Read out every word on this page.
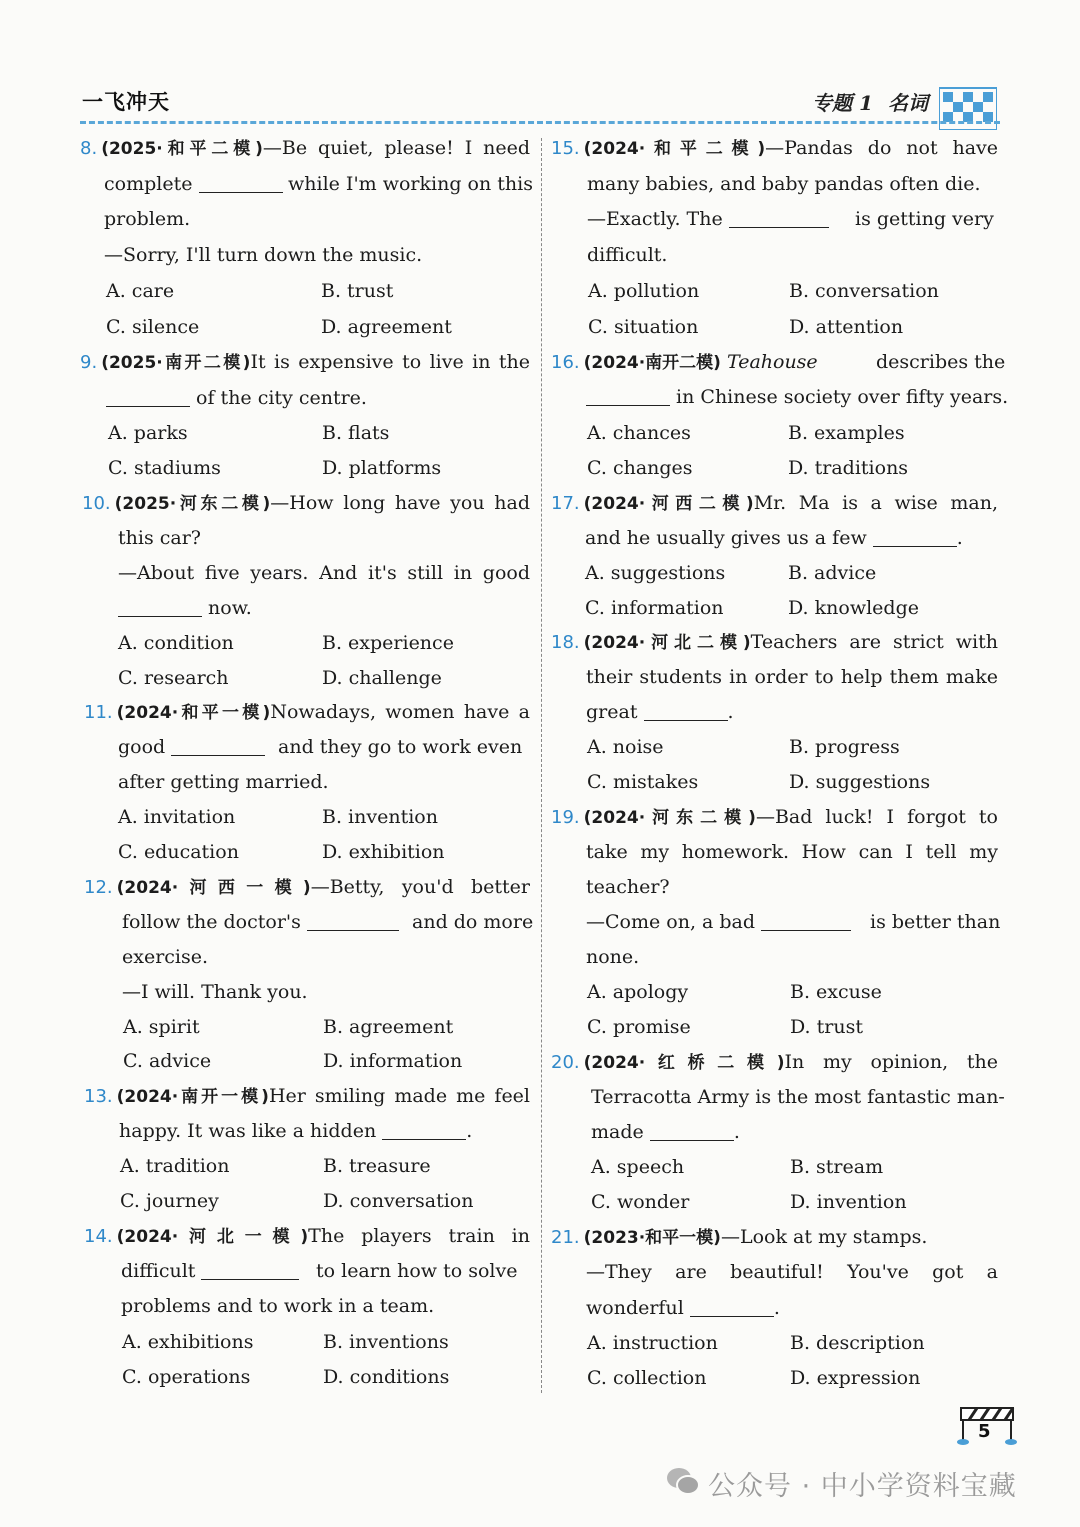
一飞冲天	专题 1 名词
8. (2025·和平二模)—Be quiet, please! I need
complete	while I'm working on this
problem.
—Sorry, I'll turn down the music.
A. care	B. trust
C. silence	D. agreement
9. (2025·南开二模)It is expensive to live in the
of the city centre.
A. parks	B. flats
C. stadiums	D. platforms
10. (2025·河东二模)—How long have you had
this car?
—About five years. And it's still in good
now.
A. condition	B. experience
C. research	D. challenge
11. (2024·和平一模)Nowadays, women have a
good	and they go to work even
after getting married.
A. invitation	B. invention
C. education	D. exhibition
12. (2024·河西一模)—Betty, you'd better
follow the doctor's	and do more
exercise.
—I will. Thank you.
A. spirit	B. agreement
C. advice	D. information
13. (2024·南开一模)Her smiling made me feel
happy. It was like a hidden	.
A. tradition	B. treasure
C. journey	D. conversation
14. (2024·河北一模)The players train in
difficult	to learn how to solve
problems and to work in a team.
A. exhibitions	B. inventions
C. operations	D. conditions
15. (2024·和平二模)—Pandas do not have
many babies, and baby pandas often die.
—Exactly. The	is getting very
difficult.
A. pollution	B. conversation
C. situation	D. attention
16. (2024·南开二模) Teahouse	describes the
in Chinese society over fifty years.
A. chances	B. examples
C. changes	D. traditions
17. (2024·河西二模)Mr. Ma is a wise man,
and he usually gives us a few	.
A. suggestions	B. advice
C. information	D. knowledge
18. (2024·河北二模)Teachers are strict with
their students in order to help them make
great	.
A. noise	B. progress
C. mistakes	D. suggestions
19. (2024·河东二模)—Bad luck! I forgot to
take my homework. How can I tell my
teacher?
—Come on, a bad	is better than
none.
A. apology	B. excuse
C. promise	D. trust
20. (2024·红桥二模)In my opinion, the
Terracotta Army is the most fantastic man-
made	.
A. speech	B. stream
C. wonder	D. invention
21. (2023·和平一模)—Look at my stamps.
—They are beautiful! You've got a
wonderful	.
A. instruction	B. description
C. collection	D. expression
5
公众号 · 中小学资料宝藏
